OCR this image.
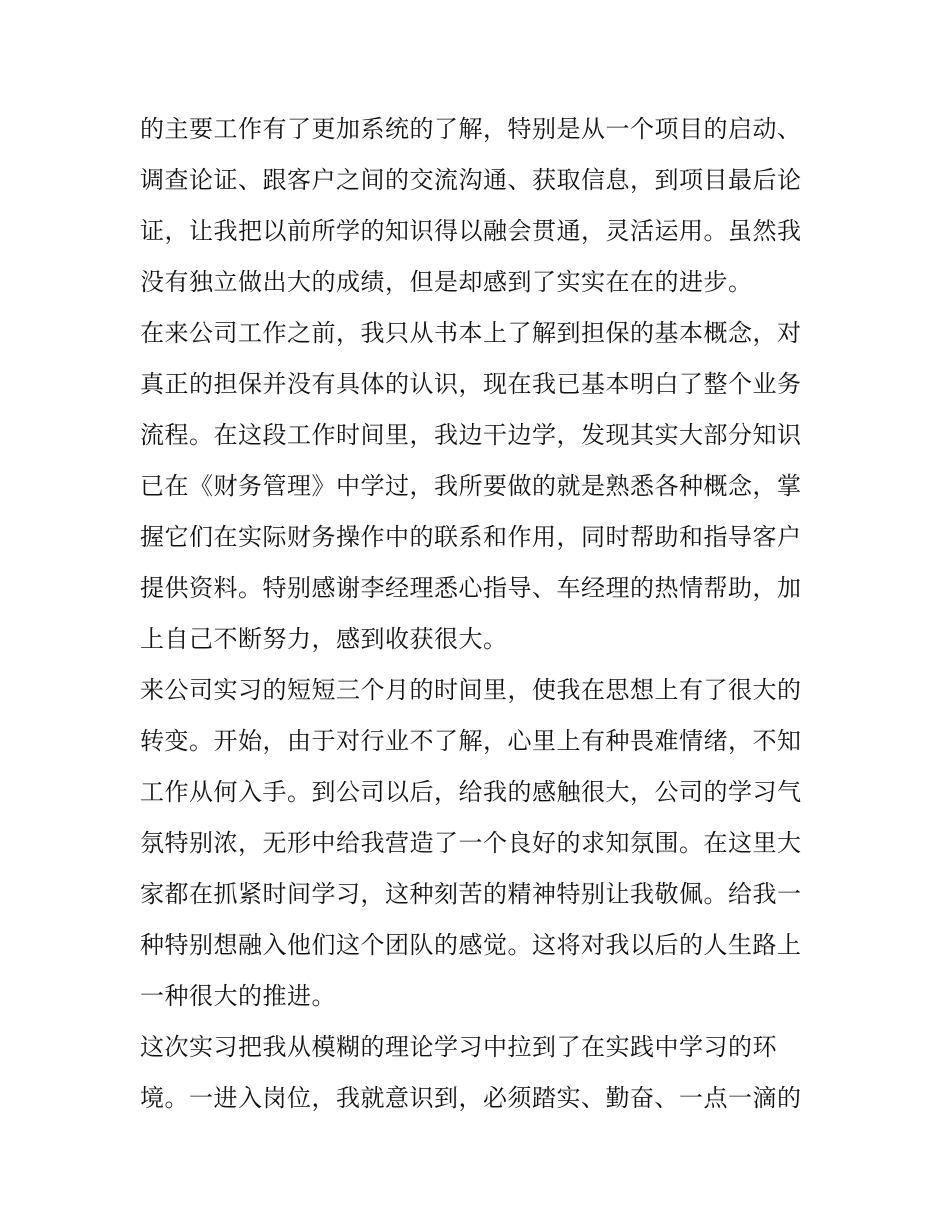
的主要工作有了更加系统的了解，特别是从一个项目的启动、
调查论证、跟客户之间的交流沟通、获取信息，到项目最后论
证，让我把以前所学的知识得以融会贯通，灵活运用。虽然我
没有独立做出大的成绩，但是却感到了实实在在的进步。
在来公司工作之前，我只从书本上了解到担保的基本概念，对
真正的担保并没有具体的认识，现在我已基本明白了整个业务
流程。在这段工作时间里，我边干边学，发现其实大部分知识
已在《财务管理》中学过，我所要做的就是熟悉各种概念，掌
握它们在实际财务操作中的联系和作用，同时帮助和指导客户
提供资料。特别感谢李经理悉心指导、车经理的热情帮助，加
上自己不断努力，感到收获很大。
来公司实习的短短三个月的时间里，使我在思想上有了很大的
转变。开始，由于对行业不了解，心里上有种畏难情绪，不知
工作从何入手。到公司以后，给我的感触很大，公司的学习气
氛特别浓，无形中给我营造了一个良好的求知氛围。在这里大
家都在抓紧时间学习，这种刻苦的精神特别让我敬佩。给我一
种特别想融入他们这个团队的感觉。这将对我以后的人生路上
一种很大的推进。
这次实习把我从模糊的理论学习中拉到了在实践中学习的环
境。一进入岗位，我就意识到，必须踏实、勤奋、一点一滴的
